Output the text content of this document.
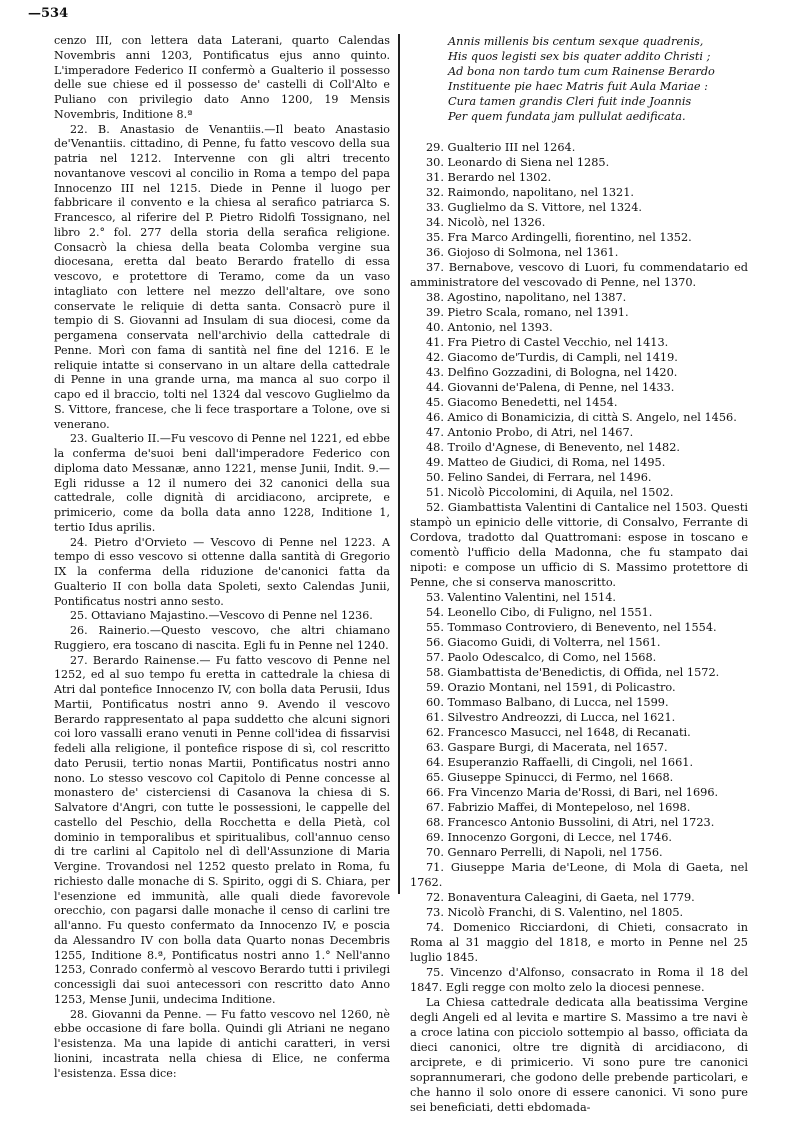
—534

cenzo III, con lettera data Laterani, quarto Calendas Novembris anni 1203, Pontificatus ejus anno quinto. L'imperadore Federico II confermò a Gualterio il possesso delle sue chiese ed il possesso de' castelli di Coll'Alto e Puliano con privilegio dato Anno 1200, 19 Mensis Novembris, Inditione 8.ª

22. B. Anastasio de Venantiis.—Il beato Anastasio de'Venantiis. cittadino, di Penne, fu fatto vescovo della sua patria nel 1212. Intervenne con gli altri trecento novantanove vescovi al concilio in Roma a tempo del papa Innocenzo III nel 1215. Diede in Penne il luogo per fabbricare il convento e la chiesa al serafico patriarca S. Francesco, al riferire del P. Pietro Ridolfi Tossignano, nel libro 2.° fol. 277 della storia della serafica religione. Consacrò la chiesa della beata Colomba vergine sua diocesana, eretta dal beato Berardo fratello di essa vescovo, e protettore di Teramo, come da un vaso intagliato con lettere nel mezzo dell'altare, ove sono conservate le reliquie di detta santa. Consacrò pure il tempio di S. Giovanni ad Insulam di sua diocesi, come da pergamena conservata nell'archivio della cattedrale di Penne. Morì con fama di santità nel fine del 1216. E le reliquie intatte si conservano in un altare della cattedrale di Penne in una grande urna, ma manca al suo corpo il capo ed il braccio, tolti nel 1324 dal vescovo Guglielmo da S. Vittore, francese, che li fece trasportare a Tolone, ove si venerano.

23. Gualterio II.—Fu vescovo di Penne nel 1221, ed ebbe la conferma de'suoi beni dall'imperadore Federico con diploma dato Messanæ, anno 1221, mense Junii, Indit. 9.— Egli ridusse a 12 il numero dei 32 canonici della sua cattedrale, colle dignità di arcidiacono, arciprete, e primicerio, come da bolla data anno 1228, Inditione 1, tertio Idus aprilis.

24. Pietro d'Orvieto — Vescovo di Penne nel 1223. A tempo di esso vescovo si ottenne dalla santità di Gregorio IX la conferma della riduzione de'canonici fatta da Gualterio II con bolla data Spoleti, sexto Calendas Junii, Pontificatus nostri anno sesto.

25. Ottaviano Majastino.—Vescovo di Penne nel 1236.

26. Rainerio.—Questo vescovo, che altri chiamano Ruggiero, era toscano di nascita. Egli fu in Penne nel 1240.

27. Berardo Rainense.— Fu fatto vescovo di Penne nel 1252, ed al suo tempo fu eretta in cattedrale la chiesa di Atri dal pontefice Innocenzo IV, con bolla data Perusii, Idus Martii, Pontificatus nostri anno 9. Avendo il vescovo Berardo rappresentato al papa suddetto che alcuni signori coi loro vassalli erano venuti in Penne coll'idea di fissarvisi fedeli alla religione, il pontefice rispose di sì, col rescritto dato Perusii, tertio nonas Martii, Pontificatus nostri anno nono. Lo stesso vescovo col Capitolo di Penne concesse al monastero de' cisterciensi di Casanova la chiesa di S. Salvatore d'Angri, con tutte le possessioni, le cappelle del castello del Peschio, della Rocchetta e della Pietà, col dominio in temporalibus et spiritualibus, coll'annuo censo di tre carlini al Capitolo nel dì dell'Assunzione di Maria Vergine. Trovandosi nel 1252 questo prelato in Roma, fu richiesto dalle monache di S. Spirito, oggi di S. Chiara, per l'esenzione ed immunità, alle quali diede favorevole orecchio, con pagarsi dalle monache il censo di carlini tre all'anno. Fu questo confermato da Innocenzo IV, e poscia da Alessandro IV con bolla data Quarto nonas Decembris 1255, Inditione 8.ª, Pontificatus nostri anno 1.° Nell'anno 1253, Conrado confermò al vescovo Berardo tutti i privilegi concessigli dai suoi antecessori con rescritto dato Anno 1253, Mense Junii, undecima Inditione.

28. Giovanni da Penne. — Fu fatto vescovo nel 1260, nè ebbe occasione di fare bolla. Quindi gli Atriani ne negano l'esistenza. Ma una lapide di antichi caratteri, in versi lionini, incastrata nella chiesa di Elice, ne conferma l'esistenza. Essa dice:

Annis millenis bis centum sexque quadrenis,
His quos legisti sex bis quater addito Christi ;
Ad bona non tardo tum cum Rainense Berardo
Instituente pie haec Matris fuit Aula Mariae :
Cura tamen grandis Cleri fuit inde Joannis
Per quem fundata jam pullulat aedificata.
29. Gualterio III nel 1264.
30. Leonardo di Siena nel 1285.
31. Berardo nel 1302.
32. Raimondo, napolitano, nel 1321.
33. Guglielmo da S. Vittore, nel 1324.
34. Nicolò, nel 1326.
35. Fra Marco Ardingelli, fiorentino, nel 1352.
36. Giojoso di Solmona, nel 1361.
37. Bernabove, vescovo di Luori, fu commendatario ed amministratore del vescovado di Penne, nel 1370.
38. Agostino, napolitano, nel 1387.
39. Pietro Scala, romano, nel 1391.
40. Antonio, nel 1393.
41. Fra Pietro di Castel Vecchio, nel 1413.
42. Giacomo de'Turdis, di Campli, nel 1419.
43. Delfino Gozzadini, di Bologna, nel 1420.
44. Giovanni de'Palena, di Penne, nel 1433.
45. Giacomo Benedetti, nel 1454.
46. Amico di Bonamicizia, di città S. Angelo, nel 1456.
47. Antonio Probo, di Atri, nel 1467.
48. Troilo d'Agnese, di Benevento, nel 1482.
49. Matteo de Giudici, di Roma, nel 1495.
50. Felino Sandei, di Ferrara, nel 1496.
51. Nicolò Piccolomini, di Aquila, nel 1502.
52. Giambattista Valentini di Cantalice nel 1503. Questi stampò un epinicio delle vittorie, di Consalvo, Ferrante di Cordova, tradotto dal Quattromani: espose in toscano e comentò l'ufficio della Madonna, che fu stampato dai nipoti: e compose un ufficio di S. Massimo protettore di Penne, che si conserva manoscritto.
53. Valentino Valentini, nel 1514.
54. Leonello Cibo, di Fuligno, nel 1551.
55. Tommaso Controviero, di Benevento, nel 1554.
56. Giacomo Guidi, di Volterra, nel 1561.
57. Paolo Odescalco, di Como, nel 1568.
58. Giambattista de'Benedictis, di Offida, nel 1572.
59. Orazio Montani, nel 1591, di Policastro.
60. Tommaso Balbano, di Lucca, nel 1599.
61. Silvestro Andreozzi, di Lucca, nel 1621.
62. Francesco Masucci, nel 1648, di Recanati.
63. Gaspare Burgi, di Macerata, nel 1657.
64. Esuperanzio Raffaelli, di Cingoli, nel 1661.
65. Giuseppe Spinucci, di Fermo, nel 1668.
66. Fra Vincenzo Maria de'Rossi, di Bari, nel 1696.
67. Fabrizio Maffei, di Montepeloso, nel 1698.
68. Francesco Antonio Bussolini, di Atri, nel 1723.
69. Innocenzo Gorgoni, di Lecce, nel 1746.
70. Gennaro Perrelli, di Napoli, nel 1756.
71. Giuseppe Maria de'Leone, di Mola di Gaeta, nel 1762.
72. Bonaventura Caleagini, di Gaeta, nel 1779.
73. Nicolò Franchi, di S. Valentino, nel 1805.
74. Domenico Ricciardoni, di Chieti, consacrato in Roma al 31 maggio del 1818, e morto in Penne nel 25 luglio 1845.
75. Vincenzo d'Alfonso, consacrato in Roma il 18 del 1847. Egli regge con molto zelo la diocesi pennese.

La Chiesa cattedrale dedicata alla beatissima Vergine degli Angeli ed al levita e martire S. Massimo a tre navi è a croce latina con picciolo sottempio al basso, officiata da dieci canonici, oltre tre dignità di arcidiacono, di arciprete, e di primicerio. Vi sono pure tre canonici soprannumerari, che godono delle prebende particolari, e che hanno il solo onore di essere canonici. Vi sono pure sei beneficiati, detti ebdomada-
